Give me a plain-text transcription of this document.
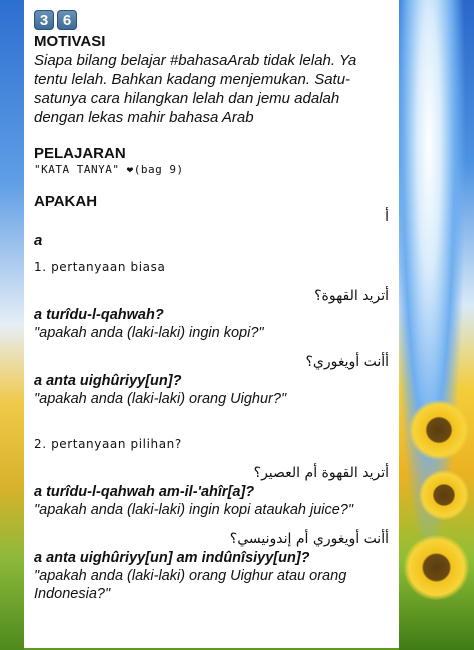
3 6
MOTIVASI
Siapa bilang belajar #bahasaArab tidak lelah. Ya
tentu lelah. Bahkan kadang menjemukan. Satu-
satunya cara hilangkan lelah dan jemu adalah
dengan lekas mahir bahasa Arab
PELAJARAN
"KATA TANYA" ❤(bag 9)
APAKAH
أ
a
1. pertanyaan biasa
أتريد القهوة؟
a turîdu-l-qahwah?
"apakah anda (laki-laki) ingin kopi?"
أأنت أويغوري؟
a anta uighûriyy[un]?
"apakah anda (laki-laki) orang Uighur?"
2. pertanyaan pilihan?
أتريد القهوة أم العصير؟
a turîdu-l-qahwah am-il-'ahîr[a]?
"apakah anda (laki-laki) ingin kopi ataukah juice?"
أأنت أويغوري أم إندونيسي؟
a anta uighûriyy[un] am indûnîsiyy[un]?
"apakah anda (laki-laki) orang Uighur atau orang
Indonesia?"
